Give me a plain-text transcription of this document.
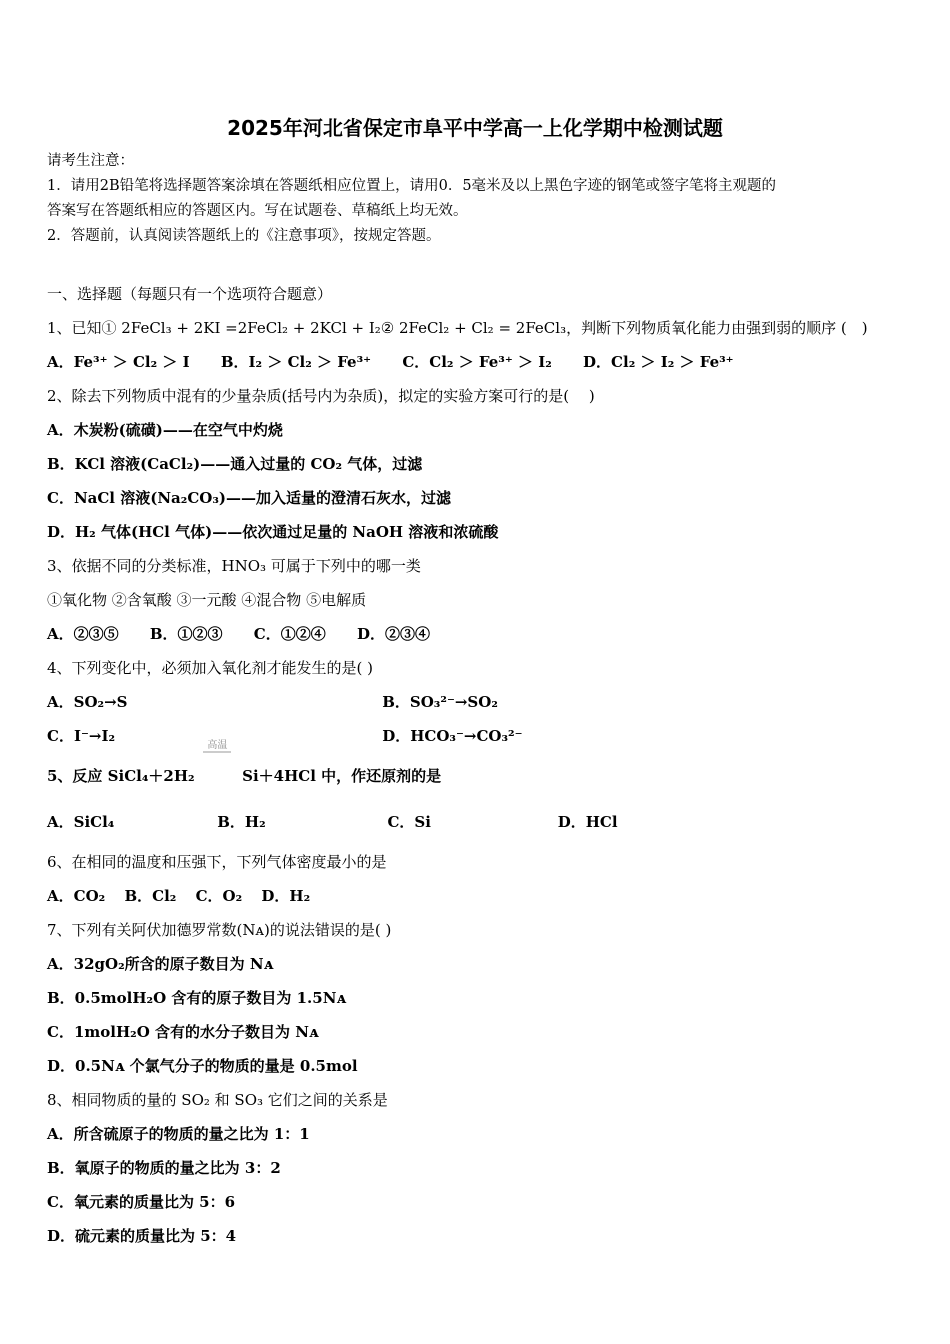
2025年河北省保定市阜平中学高一上化学期中检测试题
请考生注意：
1．请用2B铅笔将选择题答案涂填在答题纸相应位置上，请用0．5毫米及以上黑色字迹的钢笔或签字笔将主观题的
答案写在答题纸相应的答题区内。写在试题卷、草稿纸上均无效。
2．答题前，认真阅读答题纸上的《注意事项》，按规定答题。
一、选择题（每题只有一个选项符合题意）
1、已知① 2FeCl₃ + 2KI =2FeCl₂ + 2KCl + I₂② 2FeCl₂ + Cl₂ = 2FeCl₃，判断下列物质氧化能力由强到弱的顺序 (　)
A．Fe³⁺ ＞ Cl₂ ＞ I B．I₂ ＞ Cl₂ ＞ Fe³⁺ C．Cl₂ ＞ Fe³⁺ ＞ I₂ D．Cl₂ ＞ I₂ ＞ Fe³⁺
2、除去下列物质中混有的少量杂质(括号内为杂质)，拟定的实验方案可行的是(　 )
A．木炭粉(硫磺)——在空气中灼烧
B．KCl 溶液(CaCl₂)——通入过量的 CO₂ 气体，过滤
C．NaCl 溶液(Na₂CO₃)——加入适量的澄清石灰水，过滤
D．H₂ 气体(HCl 气体)——依次通过足量的 NaOH 溶液和浓硫酸
3、依据不同的分类标准，HNO₃ 可属于下列中的哪一类
①氧化物 ②含氧酸 ③一元酸 ④混合物 ⑤电解质
A．②③⑤ B．①②③ C．①②④ D．②③④
4、下列变化中，必须加入氧化剂才能发生的是( )
A．SO₂→S	B．SO₃²⁻→SO₂
C．I⁻→I₂	D．HCO₃⁻→CO₃²⁻
5、反应 SiCl₄＋2H₂
高温
Si＋4HCl 中，作还原剂的是
A．SiCl₄	B．H₂	C．Si	D．HCl
6、在相同的温度和压强下，下列气体密度最小的是
A．CO₂ B．Cl₂ C．O₂ D．H₂
7、下列有关阿伏加德罗常数(Nᴀ)的说法错误的是( )
A．32gO₂所含的原子数目为 Nᴀ
B．0.5molH₂O 含有的原子数目为 1.5Nᴀ
C．1molH₂O 含有的水分子数目为 Nᴀ
D．0.5Nᴀ 个氯气分子的物质的量是 0.5mol
8、相同物质的量的 SO₂ 和 SO₃ 它们之间的关系是
A．所含硫原子的物质的量之比为 1：1
B．氧原子的物质的量之比为 3：2
C．氧元素的质量比为 5：6
D．硫元素的质量比为 5：4
